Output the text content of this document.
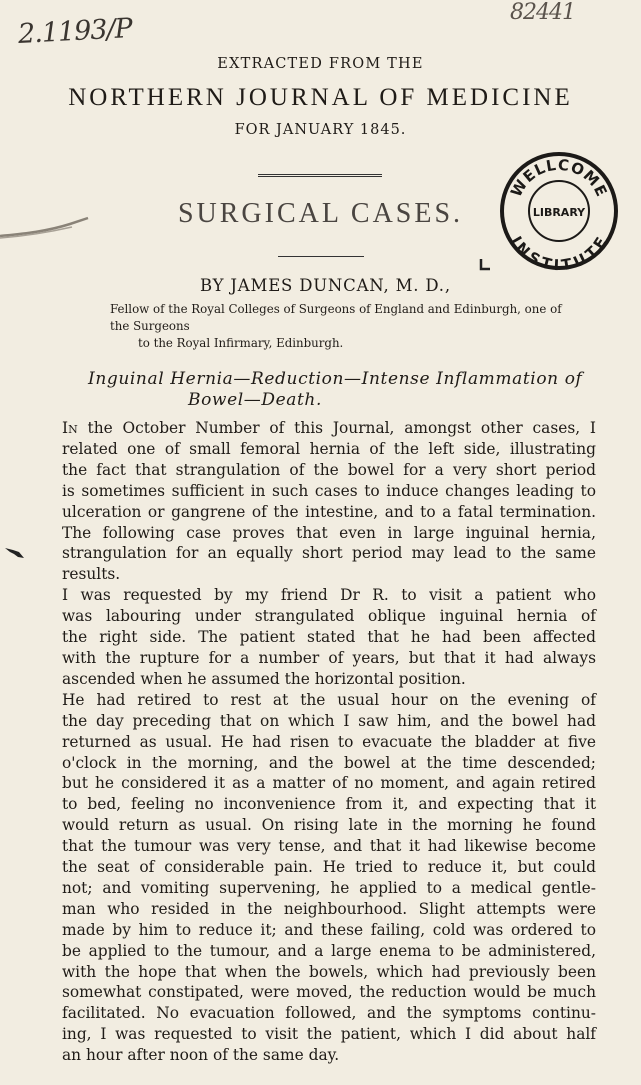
2.1193/P
82441
EXTRACTED FROM THE
NORTHERN JOURNAL OF MEDICINE
FOR JANUARY 1845.
SURGICAL CASES.
BY JAMES DUNCAN, M. D.,
Fellow of the Royal Colleges of Surgeons of England and Edinburgh, one of the Surgeons
to the Royal Infirmary, Edinburgh.
WELLCOME
INSTITUTE
LIBRARY
Inguinal Hernia—Reduction—Intense Inflammation of
Bowel—Death.
In the October Number of this Journal, amongst other cases, I
related one of small femoral hernia of the left side, illustrating
the fact that strangulation of the bowel for a very short period
is sometimes sufficient in such cases to induce changes leading to
ulceration or gangrene of the intestine, and to a fatal termination.
The following case proves that even in large inguinal hernia,
strangulation for an equally short period may lead to the same
results.
I was requested by my friend Dr R. to visit a patient who
was labouring under strangulated oblique inguinal hernia of
the right side. The patient stated that he had been affected
with the rupture for a number of years, but that it had always
ascended when he assumed the horizontal position.
He had retired to rest at the usual hour on the evening of
the day preceding that on which I saw him, and the bowel had
returned as usual. He had risen to evacuate the bladder at five
o'clock in the morning, and the bowel at the time descended;
but he considered it as a matter of no moment, and again retired
to bed, feeling no inconvenience from it, and expecting that it
would return as usual. On rising late in the morning he found
that the tumour was very tense, and that it had likewise become
the seat of considerable pain. He tried to reduce it, but could
not; and vomiting supervening, he applied to a medical gentle-
man who resided in the neighbourhood. Slight attempts were
made by him to reduce it; and these failing, cold was ordered to
be applied to the tumour, and a large enema to be administered,
with the hope that when the bowels, which had previously been
somewhat constipated, were moved, the reduction would be much
facilitated. No evacuation followed, and the symptoms continu-
ing, I was requested to visit the patient, which I did about half
an hour after noon of the same day.
